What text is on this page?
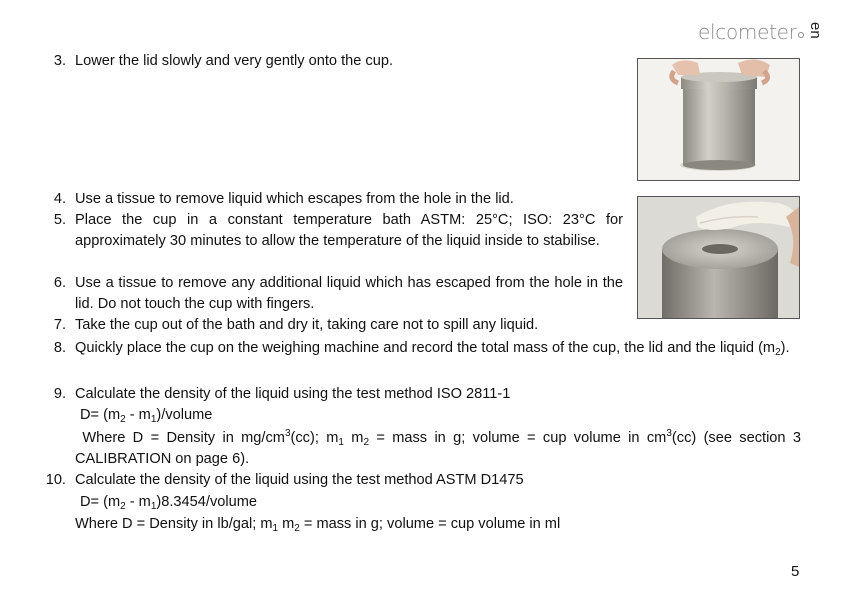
elcometer en
3. Lower the lid slowly and very gently onto the cup.
4. Use a tissue to remove liquid which escapes from the hole in the lid.
5. Place the cup in a constant temperature bath ASTM: 25°C; ISO: 23°C for approximately 30 minutes to allow the temperature of the liquid inside to stabilise.
6. Use a tissue to remove any additional liquid which has escaped from the hole in the lid. Do not touch the cup with fingers.
7. Take the cup out of the bath and dry it, taking care not to spill any liquid.
8. Quickly place the cup on the weighing machine and record the total mass of the cup, the lid and the liquid $(m_2)$.
9. Calculate the density of the liquid using the test method ISO 2811-1
$D= (m_2$ - $m_1$)/volume
Where D = Density in $mg/cm^3(cc)$; $m_1$ $m_2$ = mass in g; volume = cup volume in $cm^3(cc)$ (see section 3 CALIBRATION on page 6).
10. Calculate the density of the liquid using the test method ASTM D1475
$D= (m_2$ - $m_1)8.3454$/volume
Where D = Density in lb/gal; $m_1$ $m_2$ = mass in g; volume = cup volume in ml
5
